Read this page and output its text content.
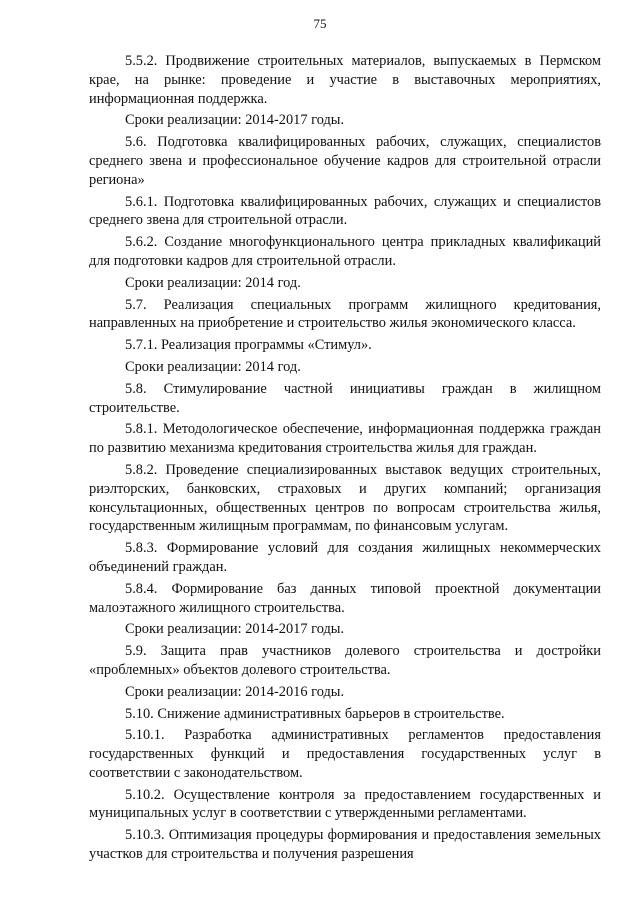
75

5.5.2. Продвижение строительных материалов, выпускаемых в Пермском крае, на рынке: проведение и участие в выставочных мероприятиях, информационная поддержка.

Сроки реализации: 2014-2017 годы.

5.6. Подготовка квалифицированных рабочих, служащих, специалистов среднего звена и профессиональное обучение кадров для строительной отрасли региона»

5.6.1. Подготовка квалифицированных рабочих, служащих и специалистов среднего звена для строительной отрасли.

5.6.2. Создание многофункционального центра прикладных квалификаций для подготовки кадров для строительной отрасли.

Сроки реализации: 2014 год.

5.7. Реализация специальных программ жилищного кредитования, направленных на приобретение и строительство жилья экономического класса.

5.7.1. Реализация программы «Стимул».

Сроки реализации: 2014 год.

5.8. Стимулирование частной инициативы граждан в жилищном строительстве.

5.8.1. Методологическое обеспечение, информационная поддержка граждан по развитию механизма кредитования строительства жилья для граждан.

5.8.2. Проведение специализированных выставок ведущих строительных, риэлторских, банковских, страховых и других компаний; организация консультационных, общественных центров по вопросам строительства жилья, государственным жилищным программам, по финансовым услугам.

5.8.3. Формирование условий для создания жилищных некоммерческих объединений граждан.

5.8.4. Формирование баз данных типовой проектной документации малоэтажного жилищного строительства.

Сроки реализации: 2014-2017 годы.

5.9. Защита прав участников долевого строительства и достройки «проблемных» объектов долевого строительства.

Сроки реализации: 2014-2016 годы.

5.10. Снижение административных барьеров в строительстве.

5.10.1. Разработка административных регламентов предоставления государственных функций и предоставления государственных услуг в соответствии с законодательством.

5.10.2. Осуществление контроля за предоставлением государственных и муниципальных услуг в соответствии с утвержденными регламентами.

5.10.3. Оптимизация процедуры формирования и предоставления земельных участков для строительства и получения разрешения
